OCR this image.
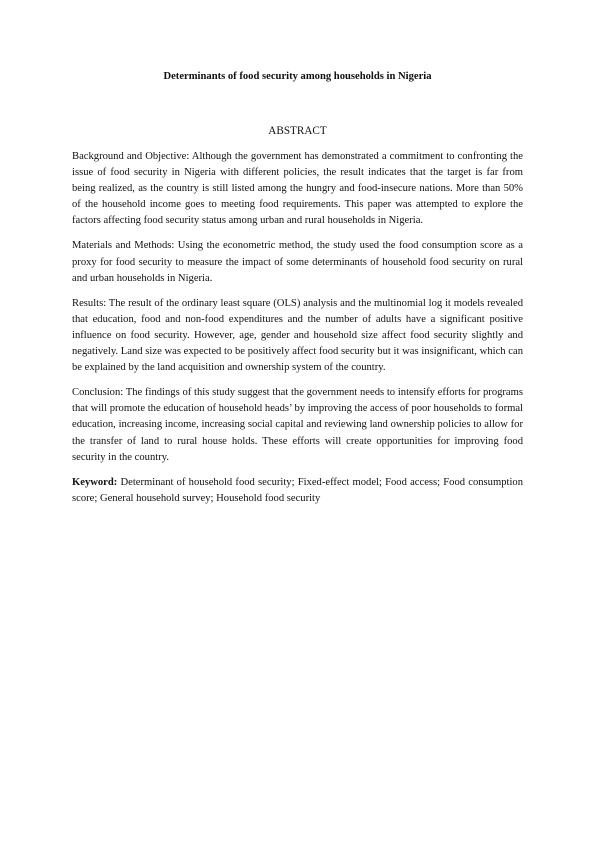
Determinants of food security among households in Nigeria
ABSTRACT

Background and Objective: Although the government has demonstrated a commitment to confronting the issue of food security in Nigeria with different policies, the result indicates that the target is far from being realized, as the country is still listed among the hungry and food-insecure nations. More than 50% of the household income goes to meeting food requirements. This paper was attempted to explore the factors affecting food security status among urban and rural households in Nigeria.

Materials and Methods: Using the econometric method, the study used the food consumption score as a proxy for food security to measure the impact of some determinants of household food security on rural and urban households in Nigeria.

Results: The result of the ordinary least square (OLS) analysis and the multinomial log it models revealed that education, food and non-food expenditures and the number of adults have a significant positive influence on food security. However, age, gender and household size affect food security slightly and negatively. Land size was expected to be positively affect food security but it was insignificant, which can be explained by the land acquisition and ownership system of the country.

Conclusion: The findings of this study suggest that the government needs to intensify efforts for programs that will promote the education of household heads’ by improving the access of poor households to formal education, increasing income, increasing social capital and reviewing land ownership policies to allow for the transfer of land to rural house holds. These efforts will create opportunities for improving food security in the country.

Keyword: Determinant of household food security; Fixed-effect model; Food access; Food consumption score; General household survey; Household food security
